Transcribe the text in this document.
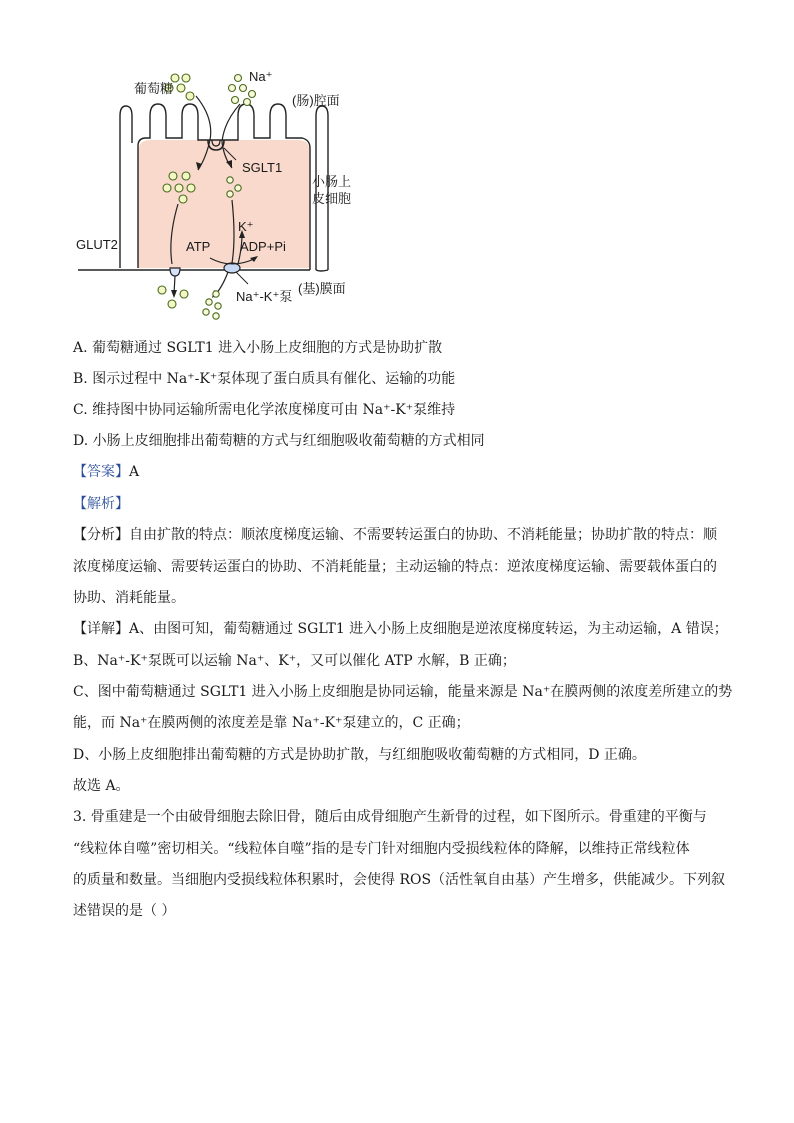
葡萄糖
Na⁺
(肠)腔面
SGLT1
小肠上
皮细胞
K⁺
GLUT2	ATP ADP+Pi
Na⁺-K⁺泵
(基)膜面
A. 葡萄糖通过 SGLT1 进入小肠上皮细胞的方式是协助扩散
B. 图示过程中 Na⁺-K⁺泵体现了蛋白质具有催化、运输的功能
C. 维持图中协同运输所需电化学浓度梯度可由 Na⁺-K⁺泵维持
D. 小肠上皮细胞排出葡萄糖的方式与红细胞吸收葡萄糖的方式相同
【答案】A
【解析】
【分析】自由扩散的特点：顺浓度梯度运输、不需要转运蛋白的协助、不消耗能量；协助扩散的特点：顺
浓度梯度运输、需要转运蛋白的协助、不消耗能量；主动运输的特点：逆浓度梯度运输、需要载体蛋白的
协助、消耗能量。
【详解】A、由图可知，葡萄糖通过 SGLT1 进入小肠上皮细胞是逆浓度梯度转运，为主动运输，A 错误；
B、Na⁺-K⁺泵既可以运输 Na⁺、K⁺，又可以催化 ATP 水解，B 正确；
C、图中葡萄糖通过 SGLT1 进入小肠上皮细胞是协同运输，能量来源是 Na⁺在膜两侧的浓度差所建立的势
能，而 Na⁺在膜两侧的浓度差是靠 Na⁺-K⁺泵建立的，C 正确；
D、小肠上皮细胞排出葡萄糖的方式是协助扩散，与红细胞吸收葡萄糖的方式相同，D 正确。
故选 A。
3. 骨重建是一个由破骨细胞去除旧骨，随后由成骨细胞产生新骨的过程，如下图所示。骨重建的平衡与
“线粒体自噬”密切相关。“线粒体自噬”指的是专门针对细胞内受损线粒体的降解，以维持正常线粒体
的质量和数量。当细胞内受损线粒体积累时，会使得 ROS（活性氧自由基）产生增多，供能减少。下列叙
述错误的是（ ）
